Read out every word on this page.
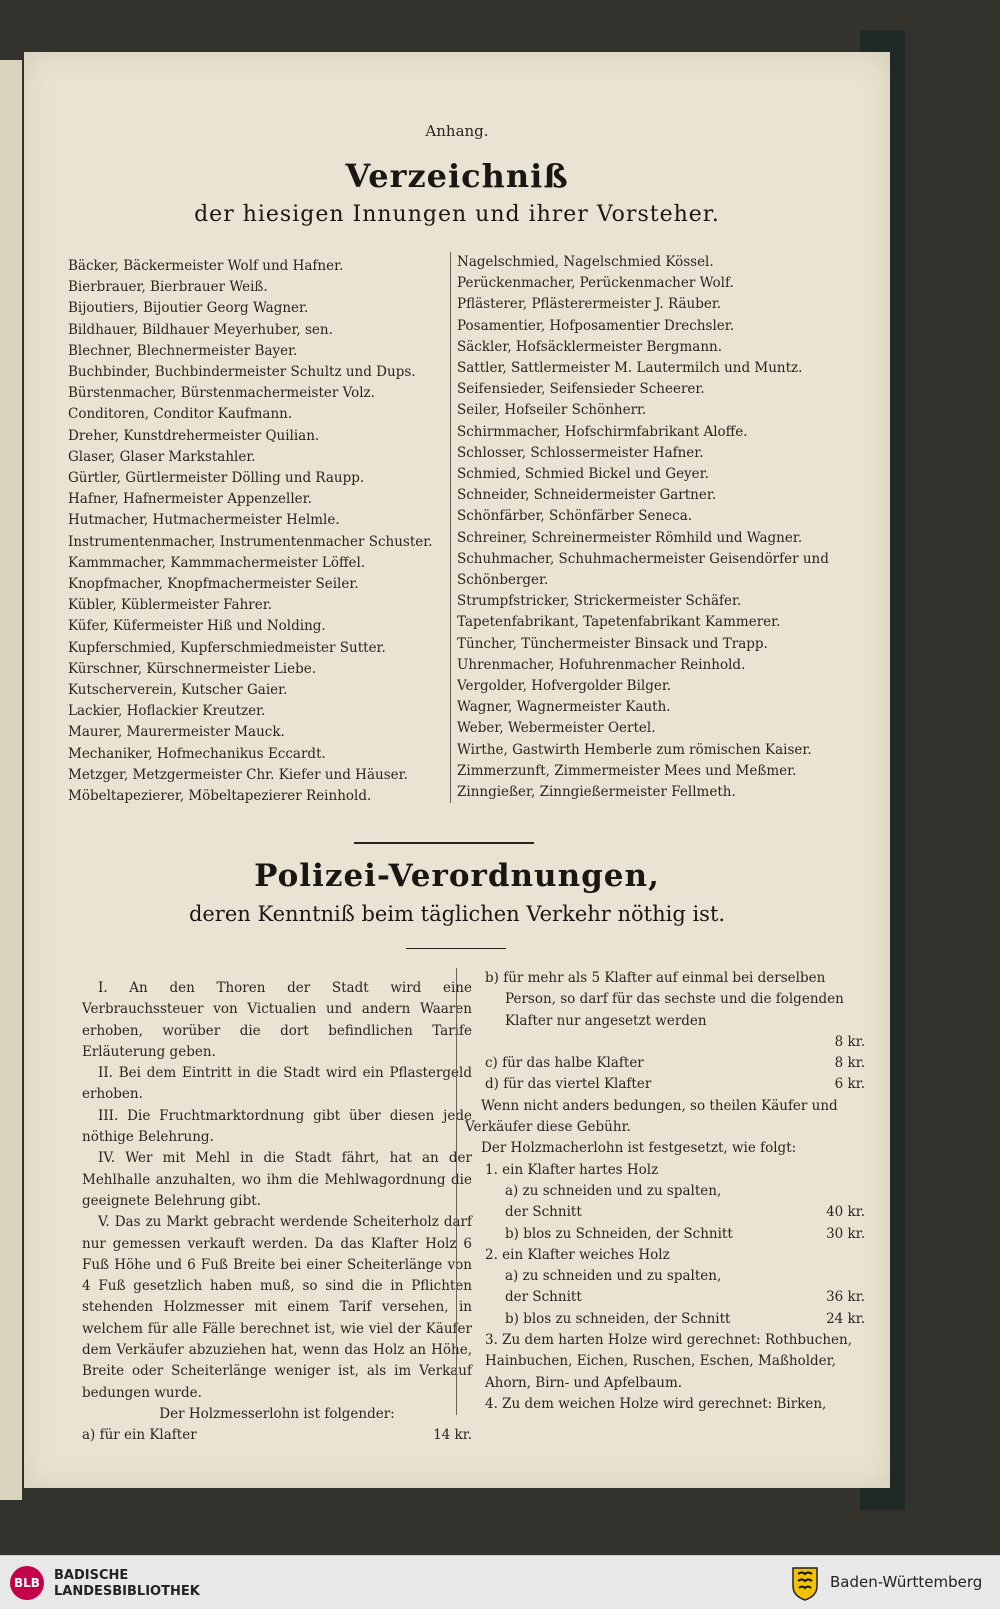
Anhang.
Verzeichniß
der hiesigen Innungen und ihrer Vorsteher.
Bäcker, Bäckermeister Wolf und Hafner.
Bierbrauer, Bierbrauer Weiß.
Bijoutiers, Bijoutier Georg Wagner.
Bildhauer, Bildhauer Meyerhuber, sen.
Blechner, Blechnermeister Bayer.
Buchbinder, Buchbindermeister Schultz und Dups.
Bürstenmacher, Bürstenmachermeister Volz.
Conditoren, Conditor Kaufmann.
Dreher, Kunstdrehermeister Quilian.
Glaser, Glaser Markstahler.
Gürtler, Gürtlermeister Dölling und Raupp.
Hafner, Hafnermeister Appenzeller.
Hutmacher, Hutmachermeister Helmle.
Instrumentenmacher, Instrumentenmacher Schuster.
Kammmacher, Kammmachermeister Löffel.
Knopfmacher, Knopfmachermeister Seiler.
Kübler, Küblermeister Fahrer.
Küfer, Küfermeister Hiß und Nolding.
Kupferschmied, Kupferschmiedmeister Sutter.
Kürschner, Kürschnermeister Liebe.
Kutscherverein, Kutscher Gaier.
Lackier, Hoflackier Kreutzer.
Maurer, Maurermeister Mauck.
Mechaniker, Hofmechanikus Eccardt.
Metzger, Metzgermeister Chr. Kiefer und Häuser.
Möbeltapezierer, Möbeltapezierer Reinhold.
Nagelschmied, Nagelschmied Kössel.
Perückenmacher, Perückenmacher Wolf.
Pflästerer, Pflästerermeister J. Räuber.
Posamentier, Hofposamentier Drechsler.
Säckler, Hofsäcklermeister Bergmann.
Sattler, Sattlermeister M. Lautermilch und Muntz.
Seifensieder, Seifensieder Scheerer.
Seiler, Hofseiler Schönherr.
Schirmmacher, Hofschirmfabrikant Aloffe.
Schlosser, Schlossermeister Hafner.
Schmied, Schmied Bickel und Geyer.
Schneider, Schneidermeister Gartner.
Schönfärber, Schönfärber Seneca.
Schreiner, Schreinermeister Römhild und Wagner.
Schuhmacher, Schuhmachermeister Geisendörfer und Schönberger.
Strumpfstricker, Strickermeister Schäfer.
Tapetenfabrikant, Tapetenfabrikant Kammerer.
Tüncher, Tünchermeister Binsack und Trapp.
Uhrenmacher, Hofuhrenmacher Reinhold.
Vergolder, Hofvergolder Bilger.
Wagner, Wagnermeister Kauth.
Weber, Webermeister Oertel.
Wirthe, Gastwirth Hemberle zum römischen Kaiser.
Zimmerzunft, Zimmermeister Mees und Meßmer.
Zinngießer, Zinngießermeister Fellmeth.
Polizei-Verordnungen,
deren Kenntniß beim täglichen Verkehr nöthig ist.

I. An den Thoren der Stadt wird eine Verbrauchssteuer von Victualien und andern Waaren erhoben, worüber die dort befindlichen Tarife Erläuterung geben.

II. Bei dem Eintritt in die Stadt wird ein Pflastergeld erhoben.

III. Die Fruchtmarktordnung gibt über diesen jede nöthige Belehrung.

IV. Wer mit Mehl in die Stadt fährt, hat an der Mehlhalle anzuhalten, wo ihm die Mehlwagordnung die geeignete Belehrung gibt.

V. Das zu Markt gebracht werdende Scheiterholz darf nur gemessen verkauft werden. Da das Klafter Holz 6 Fuß Höhe und 6 Fuß Breite bei einer Scheiterlänge von 4 Fuß gesetzlich haben muß, so sind die in Pflichten stehenden Holzmesser mit einem Tarif versehen, in welchem für alle Fälle berechnet ist, wie viel der Käufer dem Verkäufer abzuziehen hat, wenn das Holz an Höhe, Breite oder Scheiterlänge weniger ist, als im Verkauf bedungen wurde.

Der Holzmesserlohn ist folgender:

a) für ein Klafter	14 kr.

b) für mehr als 5 Klafter auf einmal bei derselben Person, so darf für das sechste und die folgenden Klafter nur angesetzt werden

8 kr.
c) für das halbe Klafter	8 kr.
d) für das viertel Klafter	6 kr.

Wenn nicht anders bedungen, so theilen Käufer und Verkäufer diese Gebühr.

Der Holzmacherlohn ist festgesetzt, wie folgt:

1. ein Klafter hartes Holz

a) zu schneiden und zu spalten,

der Schnitt	40 kr.
b) blos zu Schneiden, der Schnitt	30 kr.

2. ein Klafter weiches Holz

a) zu schneiden und zu spalten,

der Schnitt	36 kr.
b) blos zu schneiden, der Schnitt	24 kr.

3. Zu dem harten Holze wird gerechnet: Rothbuchen, Hainbuchen, Eichen, Ruschen, Eschen, Maßholder, Ahorn, Birn- und Apfelbaum.

4. Zu dem weichen Holze wird gerechnet: Birken,

BLB	BADISCHE
LANDESBIBLIOTHEK
Baden-Württemberg
